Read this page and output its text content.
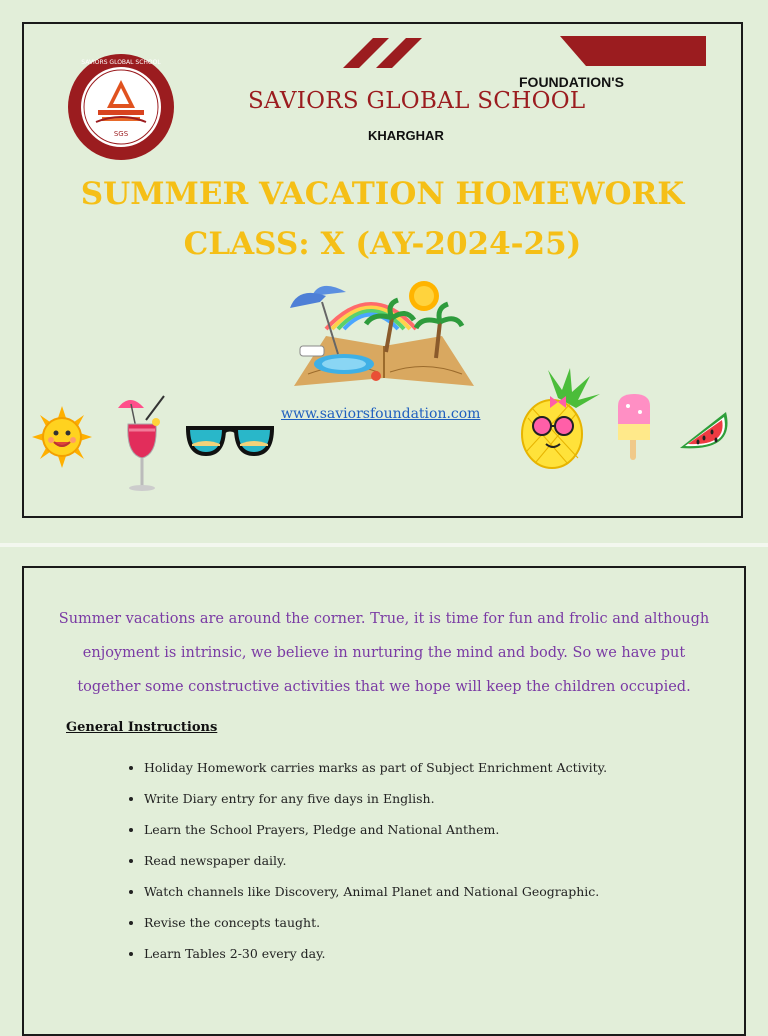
SGS
SAVIORS GLOBAL SCHOOL
FOUNDATION'S
SAVIORS GLOBAL SCHOOL
KHARGHAR
SUMMER VACATION HOMEWORK
CLASS: X (AY-2024-25)
www.saviorsfoundation.com
Summer vacations are around the corner. True, it is time for fun and frolic and although
enjoyment is intrinsic, we believe in nurturing the mind and body. So we have put
together some constructive activities that we hope will keep the children occupied.
General Instructions
• Holiday Homework carries marks as part of Subject Enrichment Activity.
• Write Diary entry for any five days in English.
• Learn the School Prayers, Pledge and National Anthem.
• Read newspaper daily.
• Watch channels like Discovery, Animal Planet and National Geographic.
• Revise the concepts taught.
• Learn Tables 2-30 every day.
